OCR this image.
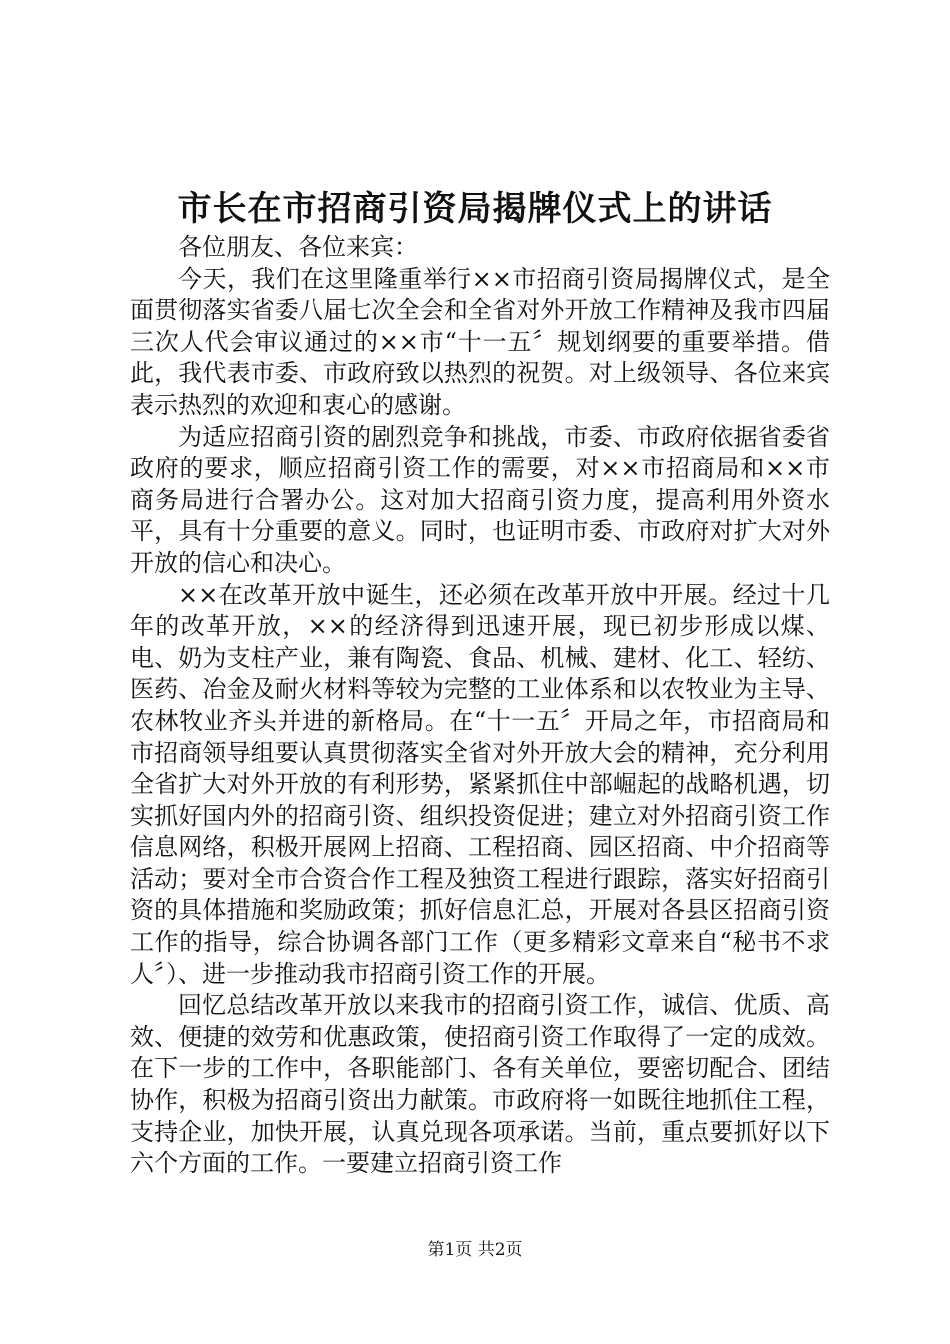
市长在市招商引资局揭牌仪式上的讲话

各位朋友、各位来宾：

今天，我们在这里隆重举行××市招商引资局揭牌仪式，是全面贯彻落实省委八届七次全会和全省对外开放工作精神及我市四届三次人代会审议通过的××市“十一五〞规划纲要的重要举措。借此，我代表市委、市政府致以热烈的祝贺。对上级领导、各位来宾表示热烈的欢迎和衷心的感谢。

为适应招商引资的剧烈竞争和挑战，市委、市政府依据省委省政府的要求，顺应招商引资工作的需要，对××市招商局和××市商务局进行合署办公。这对加大招商引资力度，提高利用外资水平，具有十分重要的意义。同时，也证明市委、市政府对扩大对外开放的信心和决心。

××在改革开放中诞生，还必须在改革开放中开展。经过十几年的改革开放，××的经济得到迅速开展，现已初步形成以煤、电、奶为支柱产业，兼有陶瓷、食品、机械、建材、化工、轻纺、医药、冶金及耐火材料等较为完整的工业体系和以农牧业为主导、农林牧业齐头并进的新格局。在“十一五〞开局之年，市招商局和市招商领导组要认真贯彻落实全省对外开放大会的精神，充分利用全省扩大对外开放的有利形势，紧紧抓住中部崛起的战略机遇，切实抓好国内外的招商引资、组织投资促进；建立对外招商引资工作信息网络，积极开展网上招商、工程招商、园区招商、中介招商等活动；要对全市合资合作工程及独资工程进行跟踪，落实好招商引资的具体措施和奖励政策；抓好信息汇总，开展对各县区招商引资工作的指导，综合协调各部门工作（更多精彩文章来自“秘书不求人〞）、进一步推动我市招商引资工作的开展。

回忆总结改革开放以来我市的招商引资工作，诚信、优质、高效、便捷的效劳和优惠政策，使招商引资工作取得了一定的成效。在下一步的工作中，各职能部门、各有关单位，要密切配合、团结协作，积极为招商引资出力献策。市政府将一如既往地抓住工程，支持企业，加快开展，认真兑现各项承诺。当前，重点要抓好以下六个方面的工作。一要建立招商引资工作

第1页 共2页
